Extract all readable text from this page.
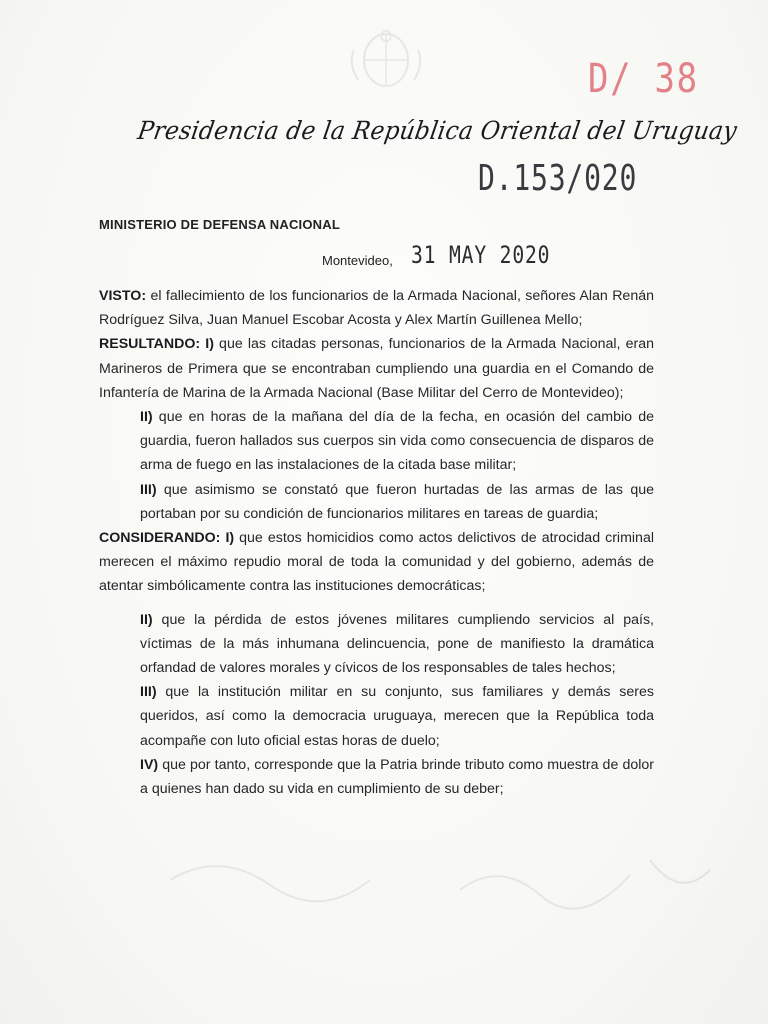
D/ 38
Presidencia de la República Oriental del Uruguay
D.153/020
MINISTERIO DE DEFENSA NACIONAL
Montevideo, 31 MAY 2020

VISTO: el fallecimiento de los funcionarios de la Armada Nacional, señores Alan Renán Rodríguez Silva, Juan Manuel Escobar Acosta y Alex Martín Guillenea Mello;

RESULTANDO: I) que las citadas personas, funcionarios de la Armada Nacional, eran Marineros de Primera que se encontraban cumpliendo una guardia en el Comando de Infantería de Marina de la Armada Nacional (Base Militar del Cerro de Montevideo);

II) que en horas de la mañana del día de la fecha, en ocasión del cambio de guardia, fueron hallados sus cuerpos sin vida como consecuencia de disparos de arma de fuego en las instalaciones de la citada base militar;

III) que asimismo se constató que fueron hurtadas de las armas de las que portaban por su condición de funcionarios militares en tareas de guardia;

CONSIDERANDO: I) que estos homicidios como actos delictivos de atrocidad criminal merecen el máximo repudio moral de toda la comunidad y del gobierno, además de atentar simbólicamente contra las instituciones democráticas;

II) que la pérdida de estos jóvenes militares cumpliendo servicios al país, víctimas de la más inhumana delincuencia, pone de manifiesto la dramática orfandad de valores morales y cívicos de los responsables de tales hechos;

III) que la institución militar en su conjunto, sus familiares y demás seres queridos, así como la democracia uruguaya, merecen que la República toda acompañe con luto oficial estas horas de duelo;

IV) que por tanto, corresponde que la Patria brinde tributo como muestra de dolor a quienes han dado su vida en cumplimiento de su deber;
